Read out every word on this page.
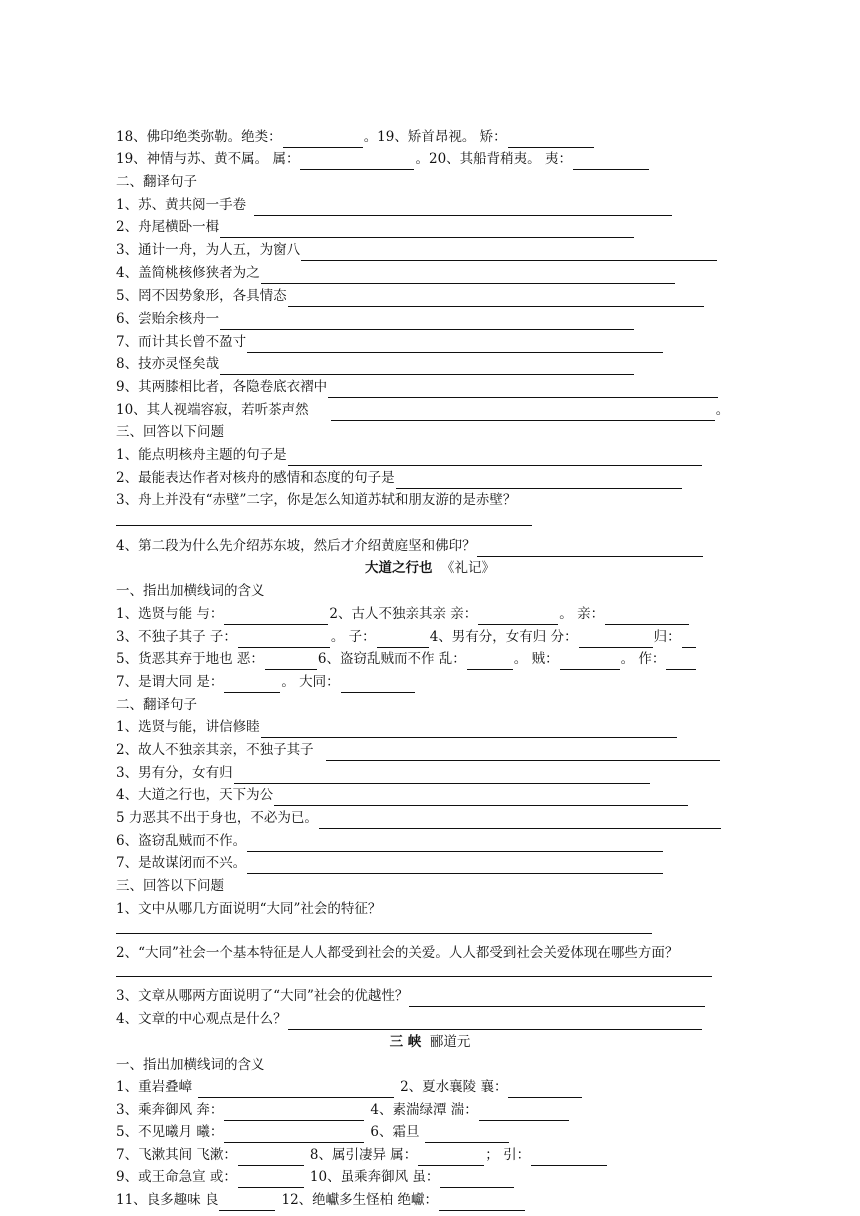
18、佛印绝类弥勒。绝类：	。19、矫首昂视。 矫：
19、神情与苏、黄不属。 属：	。20、其船背稍夷。 夷：
二、翻译句子
1、苏、黄共阅一手卷
2、舟尾横卧一楫
3、通计一舟，为人五，为窗八
4、盖简桃核修狭者为之
5、罔不因势象形，各具情态
6、尝贻余核舟一
7、而计其长曾不盈寸
8、技亦灵怪矣哉
9、其两膝相比者，各隐卷底衣褶中
10、其人视端容寂，若听茶声然	。
三、回答以下问题
1、能点明核舟主题的句子是
2、最能表达作者对核舟的感情和态度的句子是
3、舟上并没有“赤壁”二字，你是怎么知道苏轼和朋友游的是赤壁？
4、第二段为什么先介绍苏东坡，然后才介绍黄庭坚和佛印？
大道之行也 《礼记》
一、指出加横线词的含义
1、选贤与能 与：	2、古人不独亲其亲 亲：	。 亲：
3、不独子其子 子：	。 子：	4、男有分，女有归 分：	归：
5、货恶其弃于地也 恶：	6、盗窃乱贼而不作 乱：	。 贼：	。 作：
7、是谓大同 是：	。 大同：
二、翻译句子
1、选贤与能，讲信修睦
2、故人不独亲其亲，不独子其子
3、男有分，女有归
4、大道之行也，天下为公
5 力恶其不出于身也，不必为已。
6、盗窃乱贼而不作。
7、是故谋闭而不兴。
三、回答以下问题
1、文中从哪几方面说明“大同”社会的特征？
2、“大同”社会一个基本特征是人人都受到社会的关爱。人人都受到社会关爱体现在哪些方面？
3、文章从哪两方面说明了“大同”社会的优越性？
4、文章的中心观点是什么？
三 峡 郦道元
一、指出加横线词的含义
1、重岩叠嶂	2、夏水襄陵 襄：
3、乘奔御风 奔：	4、素湍绿潭 湍：
5、不见曦月 曦：	6、霜旦
7、飞漱其间 飞漱：	8、属引凄异 属：	； 引：
9、或王命急宣 或：	10、虽乘奔御风 虽：
11、良多趣味 良	12、绝巘多生怪柏 绝巘：
